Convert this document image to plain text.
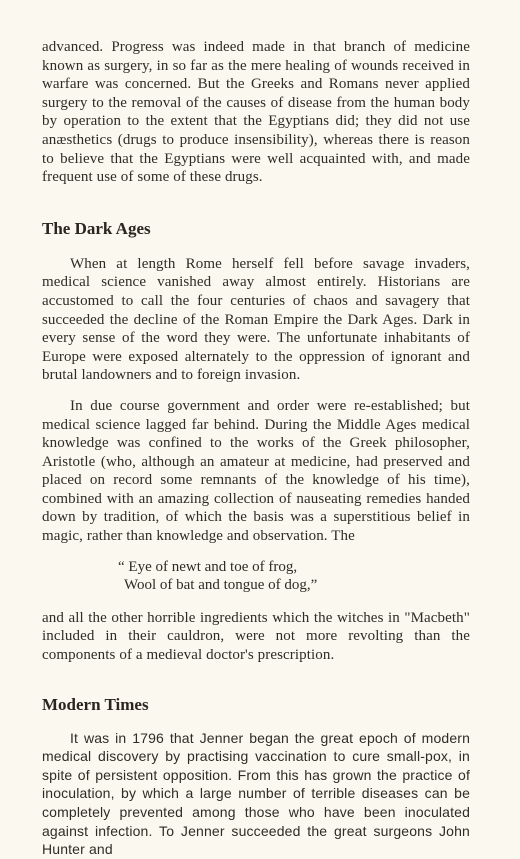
advanced. Progress was indeed made in that branch of medicine known as surgery, in so far as the mere healing of wounds received in warfare was concerned. But the Greeks and Romans never applied surgery to the removal of the causes of disease from the human body by operation to the extent that the Egyptians did; they did not use anæsthetics (drugs to produce insensibility), whereas there is reason to believe that the Egyptians were well acquainted with, and made frequent use of some of these drugs.

The Dark Ages

When at length Rome herself fell before savage invaders, medical science vanished away almost entirely. Historians are accustomed to call the four centuries of chaos and savagery that succeeded the decline of the Roman Empire the Dark Ages. Dark in every sense of the word they were. The unfortunate inhabitants of Europe were exposed alternately to the oppression of ignorant and brutal landowners and to foreign invasion.

In due course government and order were re-established; but medical science lagged far behind. During the Middle Ages medical knowledge was confined to the works of the Greek philosopher, Aristotle (who, although an amateur at medicine, had preserved and placed on record some remnants of the knowledge of his time), combined with an amazing collection of nauseating remedies handed down by tradition, of which the basis was a superstitious belief in magic, rather than knowledge and observation. The

“ Eye of newt and toe of frog,
Wool of bat and tongue of dog,”

and all the other horrible ingredients which the witches in "Macbeth" included in their cauldron, were not more revolting than the components of a medieval doctor's prescription.

Modern Times

It was in 1796 that Jenner began the great epoch of modern medical discovery by practising vaccination to cure small-pox, in spite of persistent opposition. From this has grown the practice of inoculation, by which a large number of terrible diseases can be completely prevented among those who have been inoculated against infection. To Jenner succeeded the great surgeons John Hunter and
